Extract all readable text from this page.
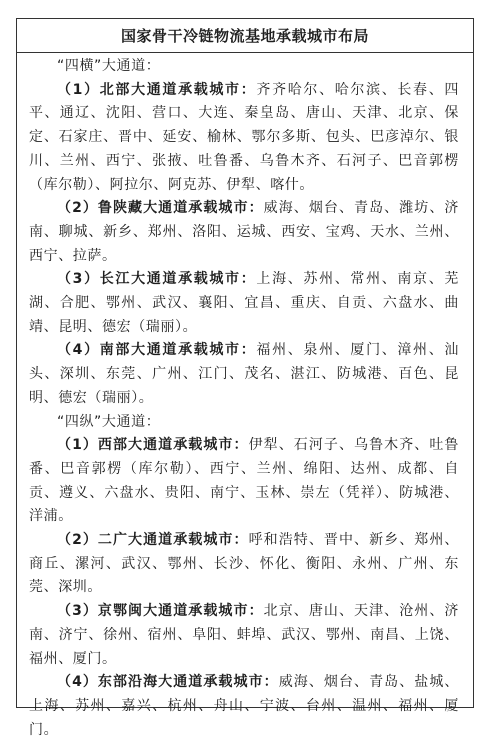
国家骨干冷链物流基地承载城市布局

“四横”大通道：

（1）北部大通道承载城市：齐齐哈尔、哈尔滨、长春、四平、通辽、沈阳、营口、大连、秦皇岛、唐山、天津、北京、保定、石家庄、晋中、延安、榆林、鄂尔多斯、包头、巴彦淖尔、银川、兰州、西宁、张掖、吐鲁番、乌鲁木齐、石河子、巴音郭楞（库尔勒）、阿拉尔、阿克苏、伊犁、喀什。

（2）鲁陕藏大通道承载城市：威海、烟台、青岛、潍坊、济南、聊城、新乡、郑州、洛阳、运城、西安、宝鸡、天水、兰州、西宁、拉萨。

（3）长江大通道承载城市：上海、苏州、常州、南京、芜湖、合肥、鄂州、武汉、襄阳、宜昌、重庆、自贡、六盘水、曲靖、昆明、德宏（瑞丽）。

（4）南部大通道承载城市：福州、泉州、厦门、漳州、汕头、深圳、东莞、广州、江门、茂名、湛江、防城港、百色、昆明、德宏（瑞丽）。

“四纵”大通道：

（1）西部大通道承载城市：伊犁、石河子、乌鲁木齐、吐鲁番、巴音郭楞（库尔勒）、西宁、兰州、绵阳、达州、成都、自贡、遵义、六盘水、贵阳、南宁、玉林、崇左（凭祥）、防城港、洋浦。

（2）二广大通道承载城市：呼和浩特、晋中、新乡、郑州、商丘、漯河、武汉、鄂州、长沙、怀化、衡阳、永州、广州、东莞、深圳。

（3）京鄂闽大通道承载城市：北京、唐山、天津、沧州、济南、济宁、徐州、宿州、阜阳、蚌埠、武汉、鄂州、南昌、上饶、福州、厦门。

（4）东部沿海大通道承载城市：威海、烟台、青岛、盐城、上海、苏州、嘉兴、杭州、舟山、宁波、台州、温州、福州、厦门。
